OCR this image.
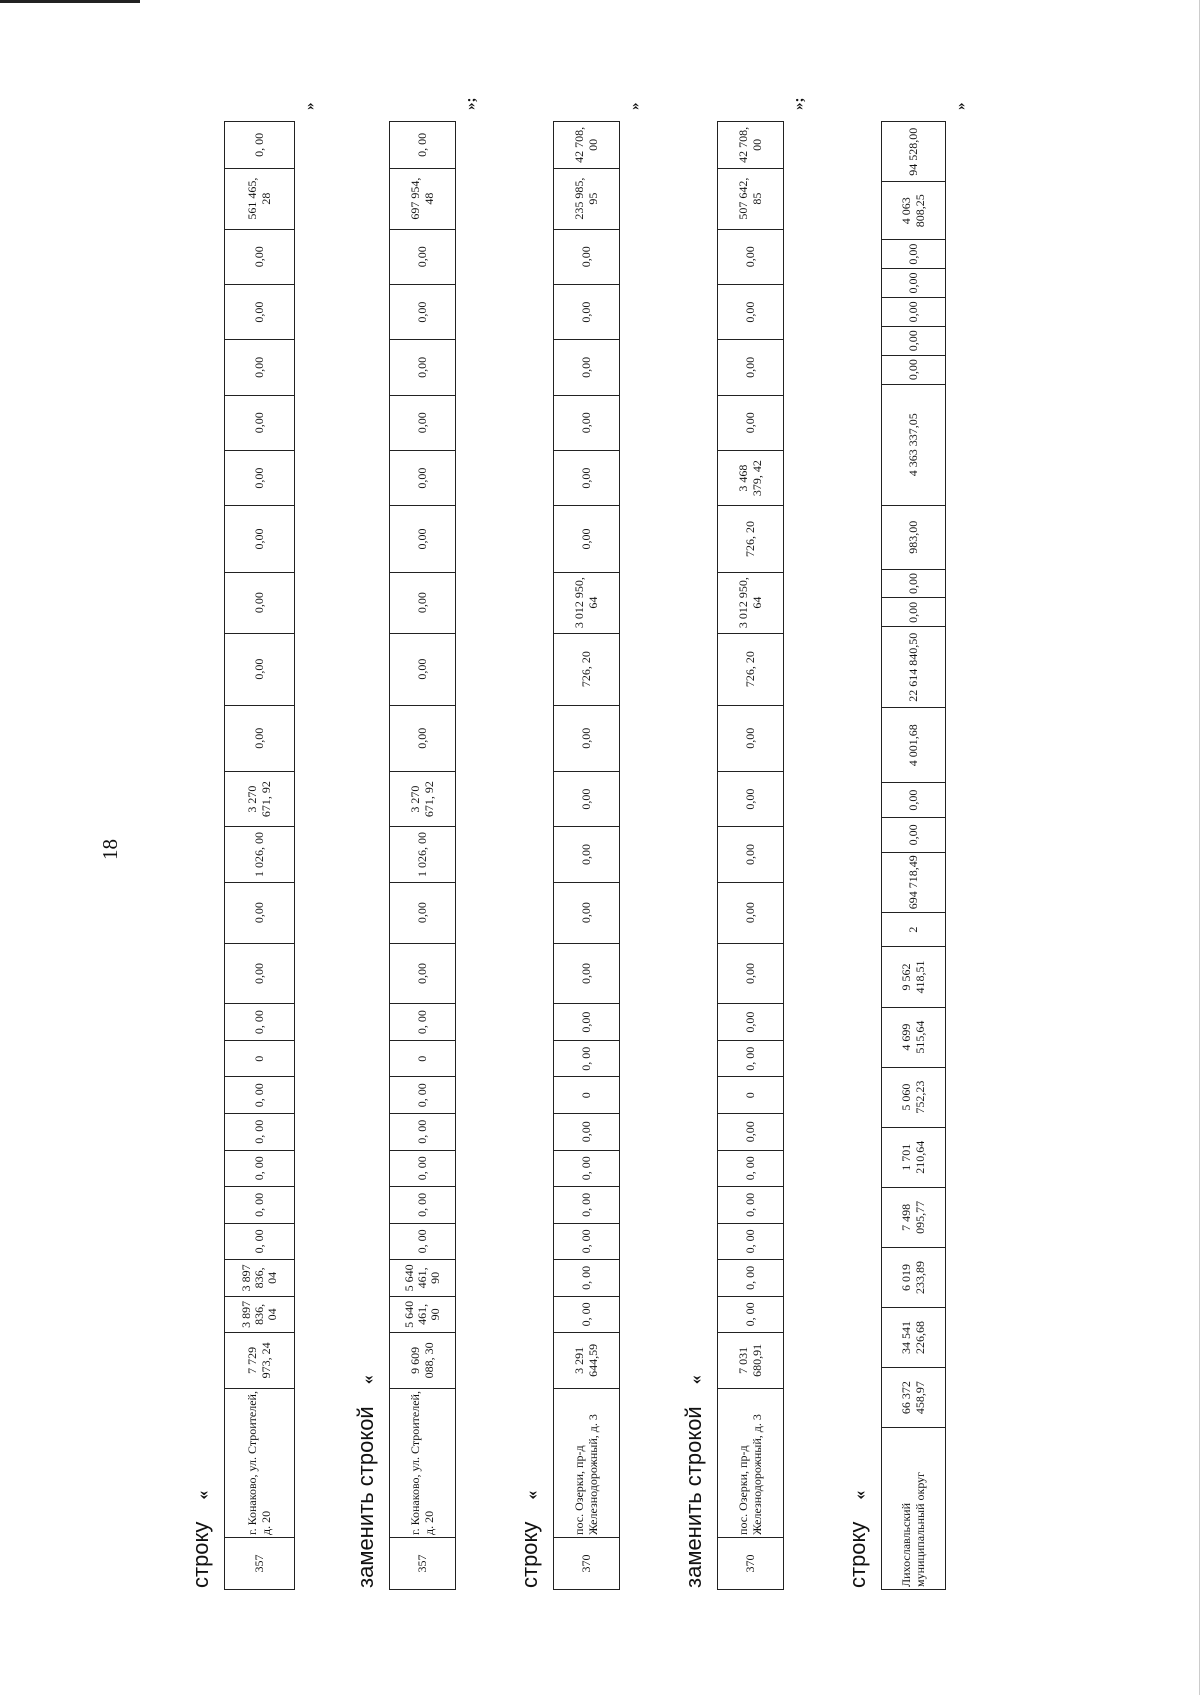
18
строку
«
357	г. Конаково, ул. Строителей, д. 20	7 729 973, 24	3 897 836, 04	3 897 836, 04	0, 00	0, 00	0, 00	0, 00	0, 00	0	0, 00	0,00	0,00	1 026, 00	3 270 671, 92	0,00	0,00	0,00	0,00	0,00	0,00	0,00	0,00	0,00	561 465, 28	0, 00
»
заменить строкой
«
357	г. Конаково, ул. Строителей, д. 20	9 609 088, 30	5 640 461, 90	5 640 461, 90	0, 00	0, 00	0, 00	0, 00	0, 00	0	0, 00	0,00	0,00	1 026, 00	3 270 671, 92	0,00	0,00	0,00	0,00	0,00	0,00	0,00	0,00	0,00	697 954, 48	0, 00
»;
строку
«
370	пос. Озерки, пр-д Железнодорожный, д. 3	3 291 644,59	0, 00	0, 00	0, 00	0, 00	0, 00	0,00	0	0, 00	0,00	0,00	0,00	0,00	0,00	0,00	726, 20	3 012 950, 64	0,00	0,00	0,00	0,00	0,00	0,00	235 985, 95	42 708, 00
»
заменить строкой
«
370	пос. Озерки, пр-д Железнодорожный, д. 3	7 031 680,91	0, 00	0, 00	0, 00	0, 00	0, 00	0,00	0	0, 00	0,00	0,00	0,00	0,00	0,00	0,00	726, 20	3 012 950, 64	726, 20	3 468 379, 42	0,00	0,00	0,00	0,00	507 642, 85	42 708, 00
»;
строку
«
Лихославльский муниципальный округ	66 372 458,97	34 541 226,68	6 019 233,89	7 498 095,77	1 701 210,64	5 060 752,23	4 699 515,64	9 562 418,51	2	694 718,49	0,00	0,00	4 001,68	22 614 840,50	0,00	0,00	983,00	4 363 337,05	0,00	0,00	0,00	0,00	0,00	4 063 808,25	94 528,00
»
